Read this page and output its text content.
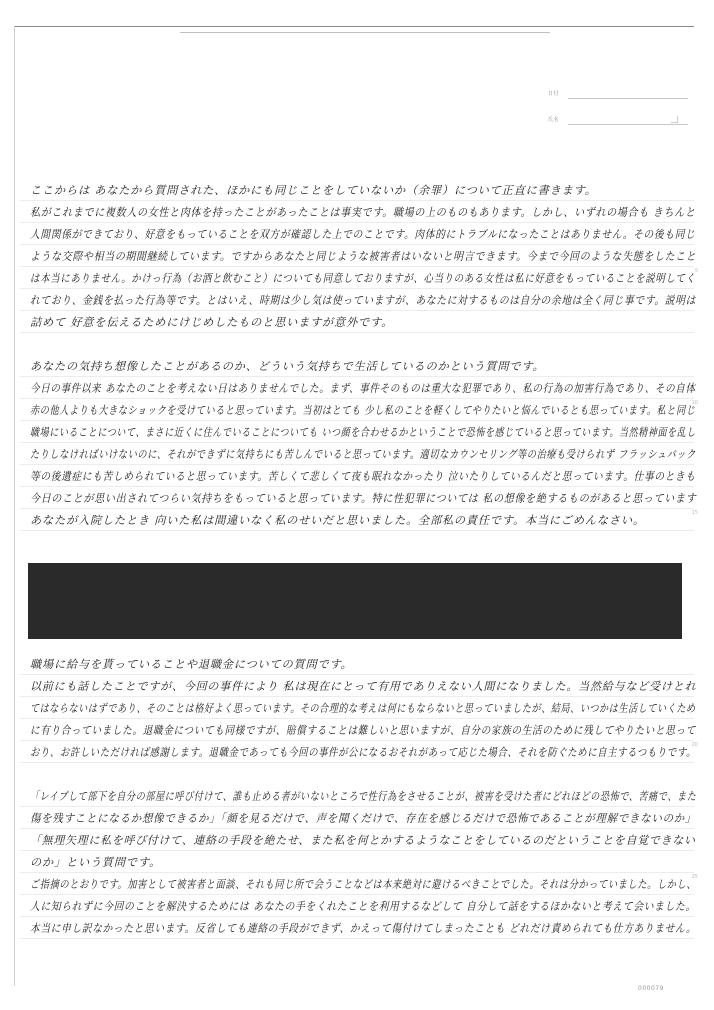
日付
氏名
5
10
15
20
25

ここからは あなたから質問された、ほかにも同じことをしていないか（余罪）について正直に書きます。

私がこれまでに複数人の女性と肉体を持ったことがあったことは事実です。職場の上のものもあります。しかし、いずれの場合も きちんと

人間関係ができており、好意をもっていることを双方が確認した上でのことです。肉体的にトラブルになったことはありません。その後も同じ

ような交際や相当の期間継続しています。ですからあなたと同じような被害者はいないと明言できます。今まで今回のような失態をしたこと

は本当にありません。かけっ行為（お酒と飲むこと）についても同意しておりますが、心当りのある女性は私に好意をもっていることを説明してく

れており、金銭を払った行為等です。とはいえ、時期は少し気は使っていますが、あなたに対するものは自分の余地は全く同じ事です。説明は

詰めて 好意を伝えるためにけじめしたものと思いますが意外です。

あなたの気持ち想像したことがあるのか、どういう気持ちで生活しているのかという質問です。

今日の事件以来 あなたのことを考えない日はありませんでした。まず、事件そのものは重大な犯罪であり、私の行為の加害行為であり、その自体

赤の他人よりも大きなショックを受けていると思っています。当初はとても 少し私のことを軽くしてやりたいと悩んでいるとも思っています。私と同じ

職場にいることについて、まさに近くに住んでいることについても いつ顔を合わせるかということで恐怖を感じていると思っています。当然精神面を乱し

たりしなければいけないのに、それができずに気持ちにも苦しんでいると思っています。適切なカウンセリング等の治療も受けられず フラッシュバック

等の後遺症にも苦しめられていると思っています。苦しくて悲しくて夜も眠れなかったり 泣いたりしているんだと思っています。仕事のときも

今日のことが思い出されてつらい気持ちをもっていると思っています。特に性犯罪については 私の想像を絶するものがあると思っています

あなたが入院したとき 向いた私は間違いなく私のせいだと思いました。全部私の責任です。本当にごめんなさい。

職場に給与を貰っていることや退職金についての質問です。

以前にも話したことですが、今回の事件により 私は現在にとって有用でありえない人間になりました。当然給与など受けとれ

てはならないはずであり、そのことは格好よく思っています。その合理的な考えは何にもならないと思っていましたが、結局、いつかは生活していくため

に有り合っていました。退職金についても同様ですが、賠償することは難しいと思いますが、自分の家族の生活のために残してやりたいと思って

おり、お許しいただければ感謝します。退職金であっても今回の事件が公になるおそれがあって応じた場合、それを防ぐために自主するつもりです。

「レイプして部下を自分の部屋に呼び付けて、誰も止める者がいないところで性行為をさせることが、被害を受けた者にどれほどの恐怖で、苦痛で、また

傷を残すことになるか想像できるか」「顔を見るだけで、声を聞くだけで、存在を感じるだけで恐怖であることが理解できないのか」

「無理矢理に私を呼び付けて、連絡の手段を絶たせ、また私を何とかするようなことをしているのだということを自覚できない

のか」という質問です。

ご指摘のとおりです。加害として被害者と面談、それも同じ所で会うことなどは本来絶対に避けるべきことでした。それは分かっていました。しかし、

人に知られずに今回のことを解決するためには あなたの手をくれたことを利用するなどして 自分して話をするほかないと考えて会いました。

本当に申し訳なかったと思います。反省しても連絡の手段ができず、かえって傷付けてしまったことも どれだけ責められても仕方ありません。

000079
